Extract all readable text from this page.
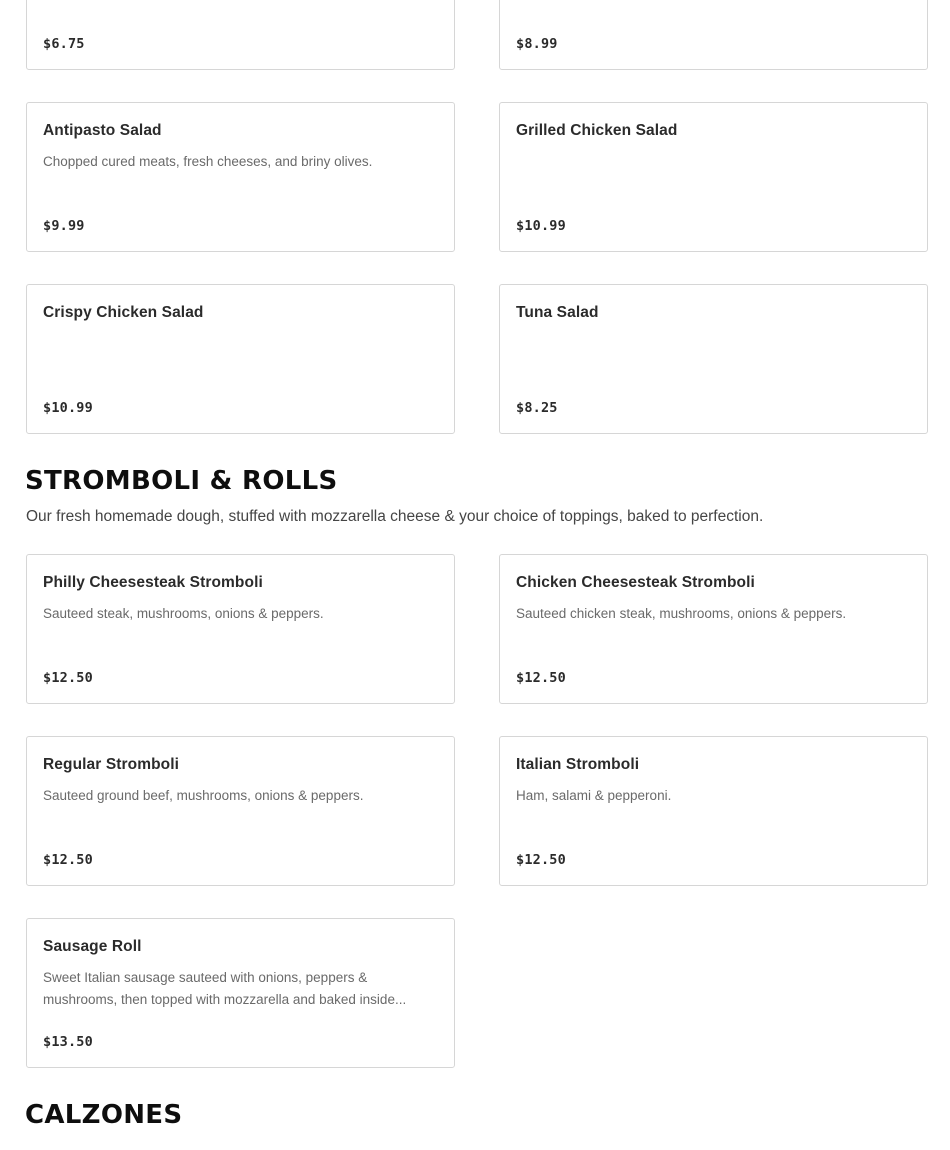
$6.75	$8.99
Antipasto Salad
Chopped cured meats, fresh cheeses, and briny olives.
$9.99
Grilled Chicken Salad
$10.99
Crispy Chicken Salad
$10.99
Tuna Salad
$8.25
STROMBOLI & ROLLS

Our fresh homemade dough, stuffed with mozzarella cheese & your choice of toppings, baked to perfection.

Philly Cheesesteak Stromboli
Sauteed steak, mushrooms, onions & peppers.
$12.50
Chicken Cheesesteak Stromboli
Sauteed chicken steak, mushrooms, onions & peppers.
$12.50
Regular Stromboli
Sauteed ground beef, mushrooms, onions & peppers.
$12.50
Italian Stromboli
Ham, salami & pepperoni.
$12.50
Sausage Roll
Sweet Italian sausage sauteed with onions, peppers & mushrooms, then topped with mozzarella and baked inside...
$13.50
CALZONES
